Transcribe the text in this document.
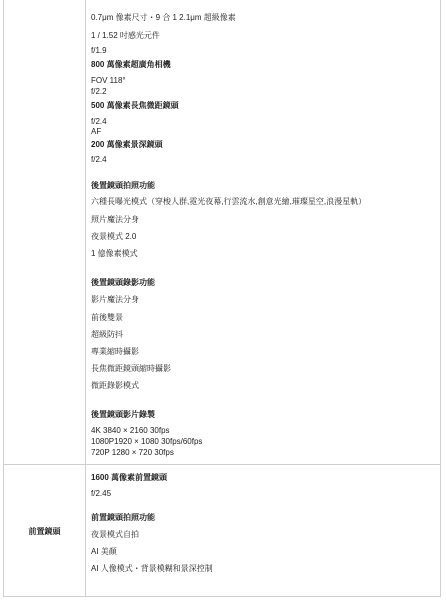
前置鏡頭
0.7μm 像素尺寸・9 合 1 2.1μm 超級像素
1 / 1.52 吋感光元件
f/1.9
800 萬像素超廣角相機
FOV 118°
f/2.2
500 萬像素長焦微距鏡頭
f/2.4
AF
200 萬像素景深鏡頭
f/2.4
後置鏡頭拍照功能
六種長曝光模式（穿梭人群,霓光夜幕,行雲流水,創意光繪,璀璨星空,浪漫星軌）
照片魔法分身
夜景模式 2.0
1 億像素模式
後置鏡頭錄影功能
影片魔法分身
前後雙景
超級防抖
專業縮時攝影
長焦微距鏡頭縮時攝影
微距錄影模式
後置鏡頭影片錄製
4K 3840 × 2160 30fps
1080P1920 × 1080 30fps/60fps
720P 1280 × 720 30fps
1600 萬像素前置鏡頭
f/2.45
前置鏡頭拍照功能
夜景模式自拍
AI 美顏
AI 人像模式・背景模糊和景深控制
